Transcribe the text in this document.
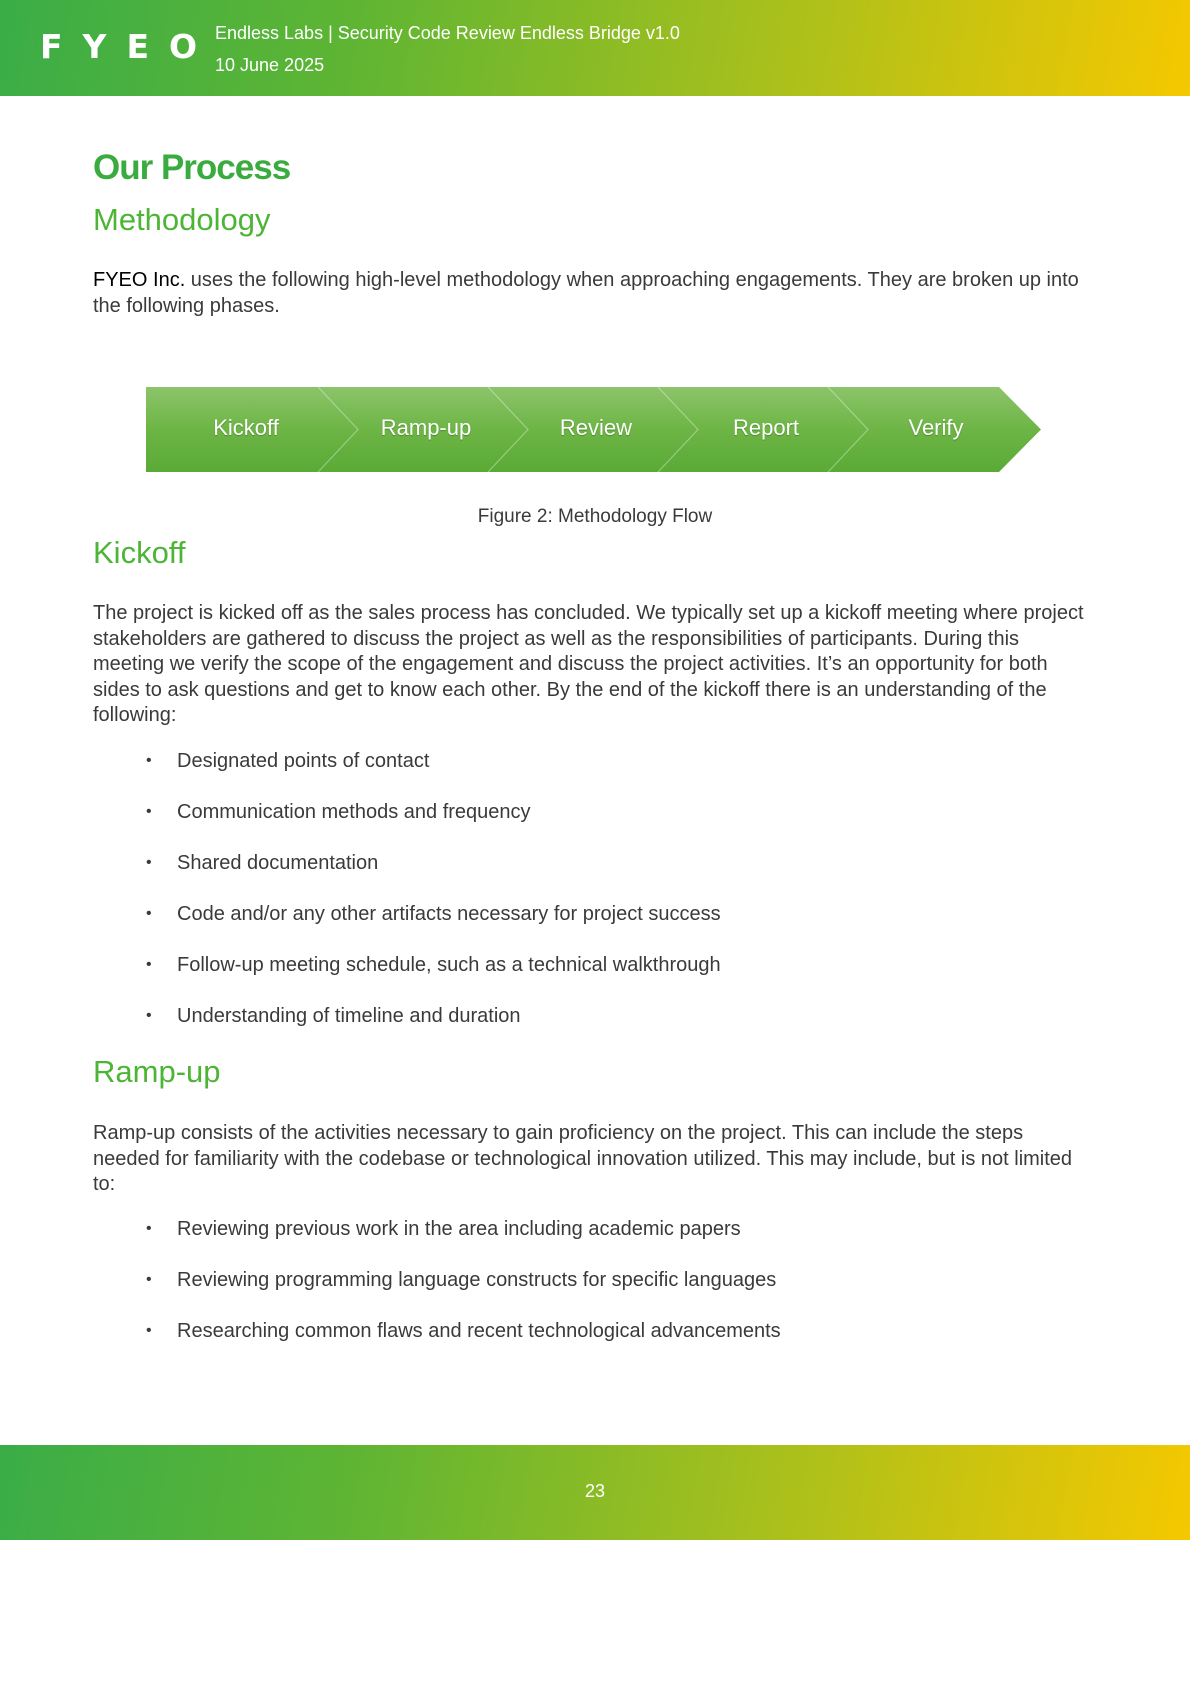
FYEO
Endless Labs | Security Code Review Endless Bridge v1.0
10 June 2025
Our Process
Methodology

FYEO Inc. uses the following high-level methodology when approaching engagements. They are broken up into the following phases.

Kickoff	Ramp-up	Review	Report	Verify
Figure 2: Methodology Flow
Kickoff

The project is kicked off as the sales process has concluded. We typically set up a kickoff meeting where project stakeholders are gathered to discuss the project as well as the responsibilities of participants. During this meeting we verify the scope of the engagement and discuss the project activities. It’s an opportunity for both sides to ask questions and get to know each other. By the end of the kickoff there is an understanding of the following:

• Designated points of contact
• Communication methods and frequency
• Shared documentation
• Code and/or any other artifacts necessary for project success
• Follow-up meeting schedule, such as a technical walkthrough
• Understanding of timeline and duration
Ramp-up

Ramp-up consists of the activities necessary to gain proficiency on the project. This can include the steps needed for familiarity with the codebase or technological innovation utilized. This may include, but is not limited to:

• Reviewing previous work in the area including academic papers
• Reviewing programming language constructs for specific languages
• Researching common flaws and recent technological advancements
23
